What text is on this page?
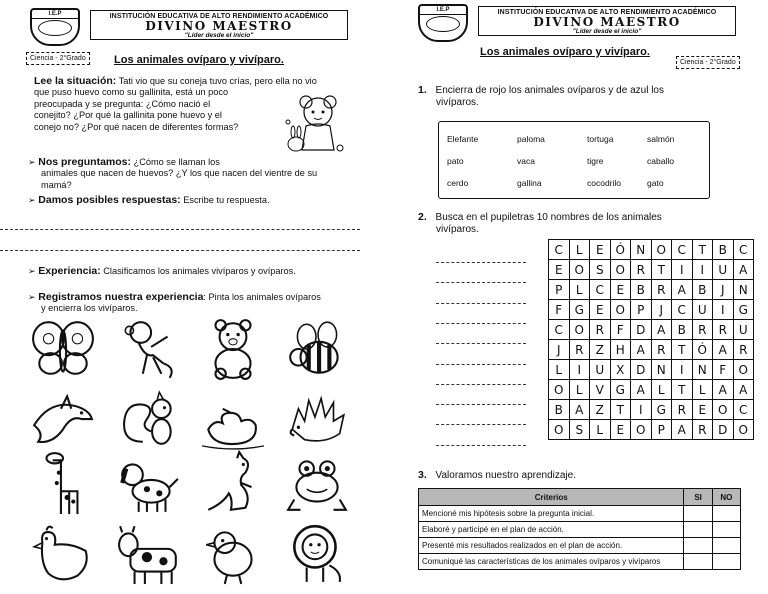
I.E.P	INSTITUCIÓN EDUCATIVA DE ALTO RENDIMIENTO ACADÉMICO
DIVINO MAESTRO
"Líder desde el inicio"
Ciencia - 2°Grado	Los animales ovíparo y vivíparo.
Lee la situación: Tati vio que su coneja tuvo crías, pero ella no vio
que puso huevo como su gallinita, está un poco
preocupada y se pregunta: ¿Cómo nació el
conejito? ¿Por qué la gallinita pone huevo y el
conejo no? ¿Por qué nacen de diferentes formas?
➢ Nos preguntamos: ¿Cómo se llaman los
animales que nacen de huevos? ¿Y los que nacen del vientre de su
mamá?
➢ Damos posibles respuestas: Escribe tu respuesta.
➢ Experiencia: Clasificamos los animales vivíparos y ovíparos.
➢ Registramos nuestra experiencia: Pinta los animales ovíparos
y encierra los vivíparos.
I.E.P	INSTITUCIÓN EDUCATIVA DE ALTO RENDIMIENTO ACADÉMICO
DIVINO MAESTRO
"Líder desde el inicio"
Los animales ovíparo y vivíparo.
Ciencia - 2°Grado
1. Encierra de rojo los animales ovíparos y de azul los
vivíparos.
Elefante	paloma	tortuga	salmón
pato	vaca	tigre	caballo
cerdo	gallina	cocodrilo	gato
2. Busca en el pupiletras 10 nombres de los animales
vivíparos.
C	L	E	Ó	N	O	C	T	B	C
E	O	S	O	R	T	I	I	U	A
P	L	C	E	B	R	A	B	J	N
F	G	E	O	P	J	C	U	I	G
C	O	R	F	D	A	B	R	R	U
J	R	Z	H	A	R	T	Ó	A	R
L	I	U	X	D	N	I	N	F	O
O	L	V	G	A	L	T	L	A	A
B	A	Z	T	I	G	R	E	O	C
O	S	L	E	O	P	A	R	D	O
3. Valoramos nuestro aprendizaje.
Criterios	SI	NO
Mencioné mis hipótesis sobre la pregunta inicial.		
Elaboré y participé en el plan de acción.		
Presenté mis resultados realizados en el plan de acción.		
Comuniqué las características de los animales ovíparos y vivíparos		
